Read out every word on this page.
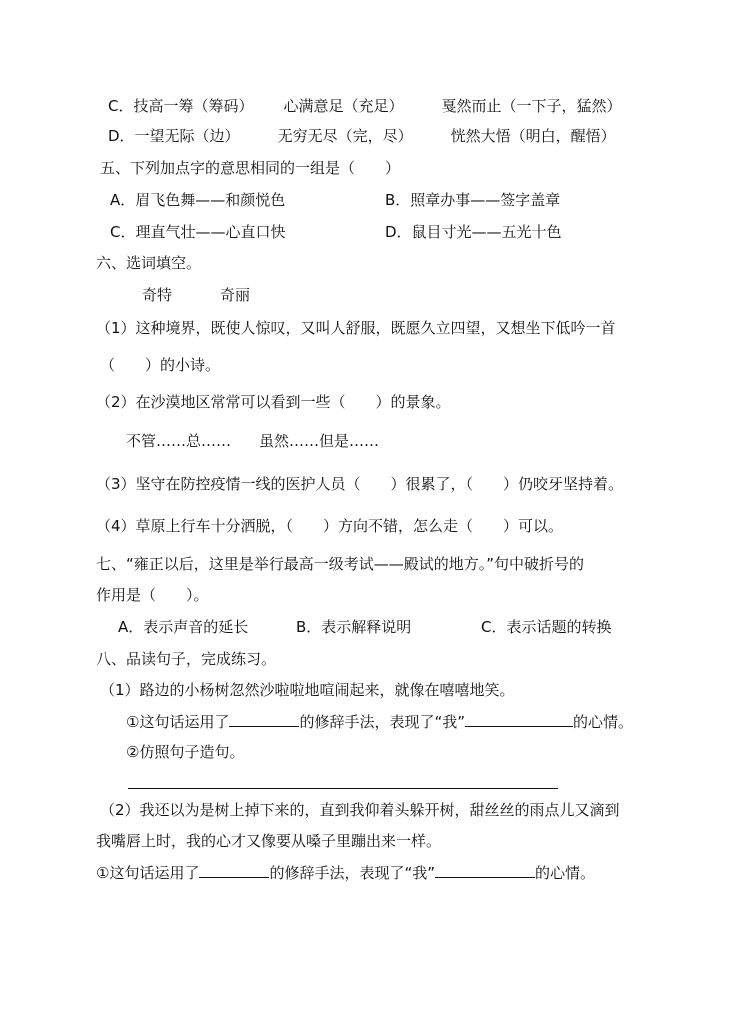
C．技高一筹（筹码） 心满意足（充足）	戛然而止（一下子，猛然）
D．一望无际（边）	无穷无尽（完，尽）	恍然大悟（明白，醒悟）
五、下列加点字的意思相同的一组是（　　）
A．眉飞色舞——和颜悦色	B．照章办事——签字盖章
C．理直气壮——心直口快	D．鼠目寸光——五光十色
六、选词填空。
奇特	奇丽
（1）这种境界，既使人惊叹，又叫人舒服，既愿久立四望，又想坐下低吟一首
（　　）的小诗。
（2）在沙漠地区常常可以看到一些（　　）的景象。
不管……总…… 虽然……但是……
（3）坚守在防控疫情一线的医护人员（　　）很累了，（　　）仍咬牙坚持着。
（4）草原上行车十分洒脱，（　　）方向不错，怎么走（　　）可以。
七、“雍正以后，这里是举行最高一级考试——殿试的地方。”句中破折号的
作用是（　　）。
A．表示声音的延长	B．表示解释说明	C．表示话题的转换
八、品读句子，完成练习。
（1）路边的小杨树忽然沙啦啦地喧闹起来，就像在嘻嘻地笑。
①这句话运用了	的修辞手法，表现了“我”	的心情。
②仿照句子造句。
（2）我还以为是树上掉下来的，直到我仰着头躲开树，甜丝丝的雨点儿又滴到
我嘴唇上时，我的心才又像要从嗓子里蹦出来一样。
①这句话运用了	的修辞手法，表现了“我”	的心情。
